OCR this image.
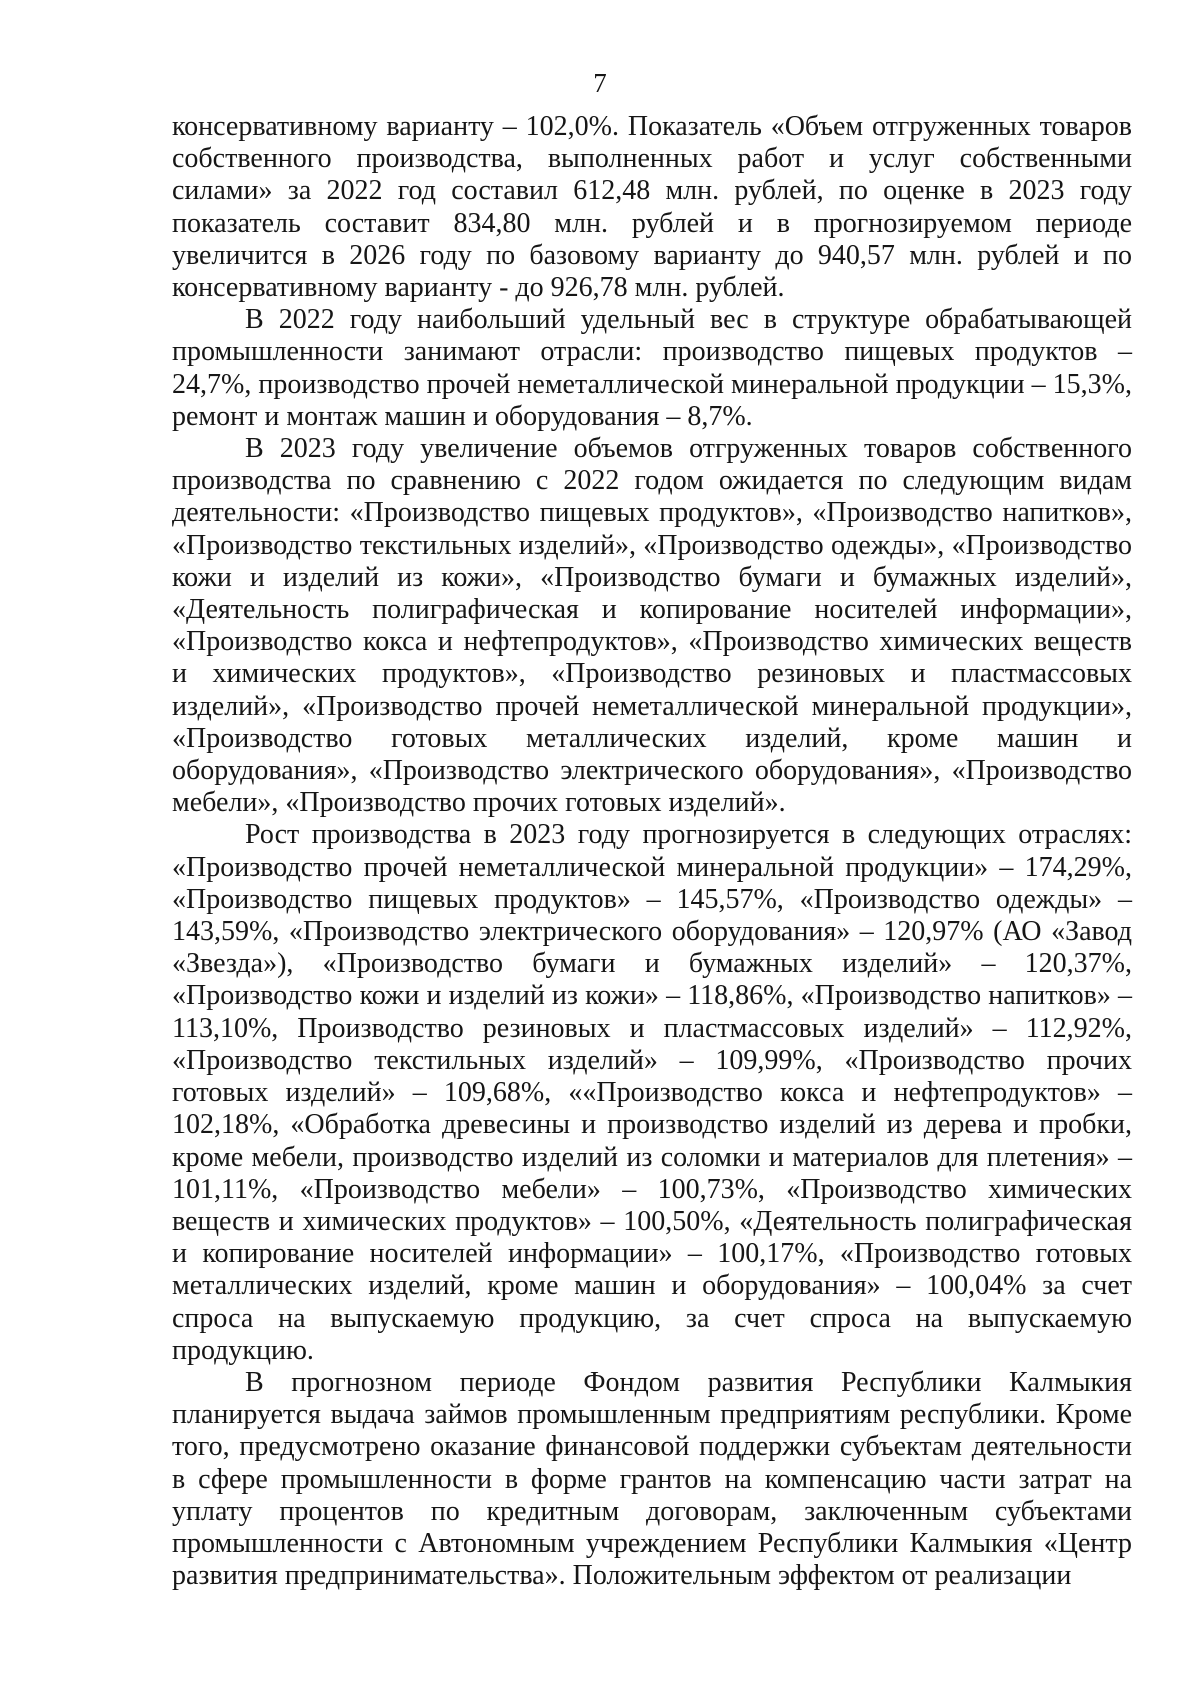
7

консервативному варианту – 102,0%. Показатель «Объем отгруженных товаров собственного производства, выполненных работ и услуг собственными силами» за 2022 год составил 612,48 млн. рублей, по оценке в 2023 году показатель составит 834,80 млн. рублей и в прогнозируемом периоде увеличится в 2026 году по базовому варианту до 940,57 млн. рублей и по консервативному варианту - до 926,78 млн. рублей.

В 2022 году наибольший удельный вес в структуре обрабатывающей промышленности занимают отрасли: производство пищевых продуктов – 24,7%, производство прочей неметаллической минеральной продукции – 15,3%, ремонт и монтаж машин и оборудования – 8,7%.

В 2023 году увеличение объемов отгруженных товаров собственного производства по сравнению с 2022 годом ожидается по следующим видам деятельности: «Производство пищевых продуктов», «Производство напитков», «Производство текстильных изделий», «Производство одежды», «Производство кожи и изделий из кожи», «Производство бумаги и бумажных изделий», «Деятельность полиграфическая и копирование носителей информации», «Производство кокса и нефтепродуктов», «Производство химических веществ и химических продуктов», «Производство резиновых и пластмассовых изделий», «Производство прочей неметаллической минеральной продукции», «Производство готовых металлических изделий, кроме машин и оборудования», «Производство электрического оборудования», «Производство мебели», «Производство прочих готовых изделий».

Рост производства в 2023 году прогнозируется в следующих отраслях: «Производство прочей неметаллической минеральной продукции» – 174,29%, «Производство пищевых продуктов» – 145,57%, «Производство одежды» – 143,59%, «Производство электрического оборудования» – 120,97% (АО «Завод «Звезда»), «Производство бумаги и бумажных изделий» – 120,37%, «Производство кожи и изделий из кожи» – 118,86%, «Производство напитков» – 113,10%, Производство резиновых и пластмассовых изделий» – 112,92%, «Производство текстильных изделий» – 109,99%, «Производство прочих готовых изделий» – 109,68%, ««Производство кокса и нефтепродуктов» – 102,18%, «Обработка древесины и производство изделий из дерева и пробки, кроме мебели, производство изделий из соломки и материалов для плетения» – 101,11%, «Производство мебели» – 100,73%, «Производство химических веществ и химических продуктов» – 100,50%, «Деятельность полиграфическая и копирование носителей информации» – 100,17%, «Производство готовых металлических изделий, кроме машин и оборудования» – 100,04% за счет спроса на выпускаемую продукцию, за счет спроса на выпускаемую продукцию.

В прогнозном периоде Фондом развития Республики Калмыкия планируется выдача займов промышленным предприятиям республики. Кроме того, предусмотрено оказание финансовой поддержки субъектам деятельности в сфере промышленности в форме грантов на компенсацию части затрат на уплату процентов по кредитным договорам, заключенным субъектами промышленности с Автономным учреждением Республики Калмыкия «Центр развития предпринимательства». Положительным эффектом от реализации
